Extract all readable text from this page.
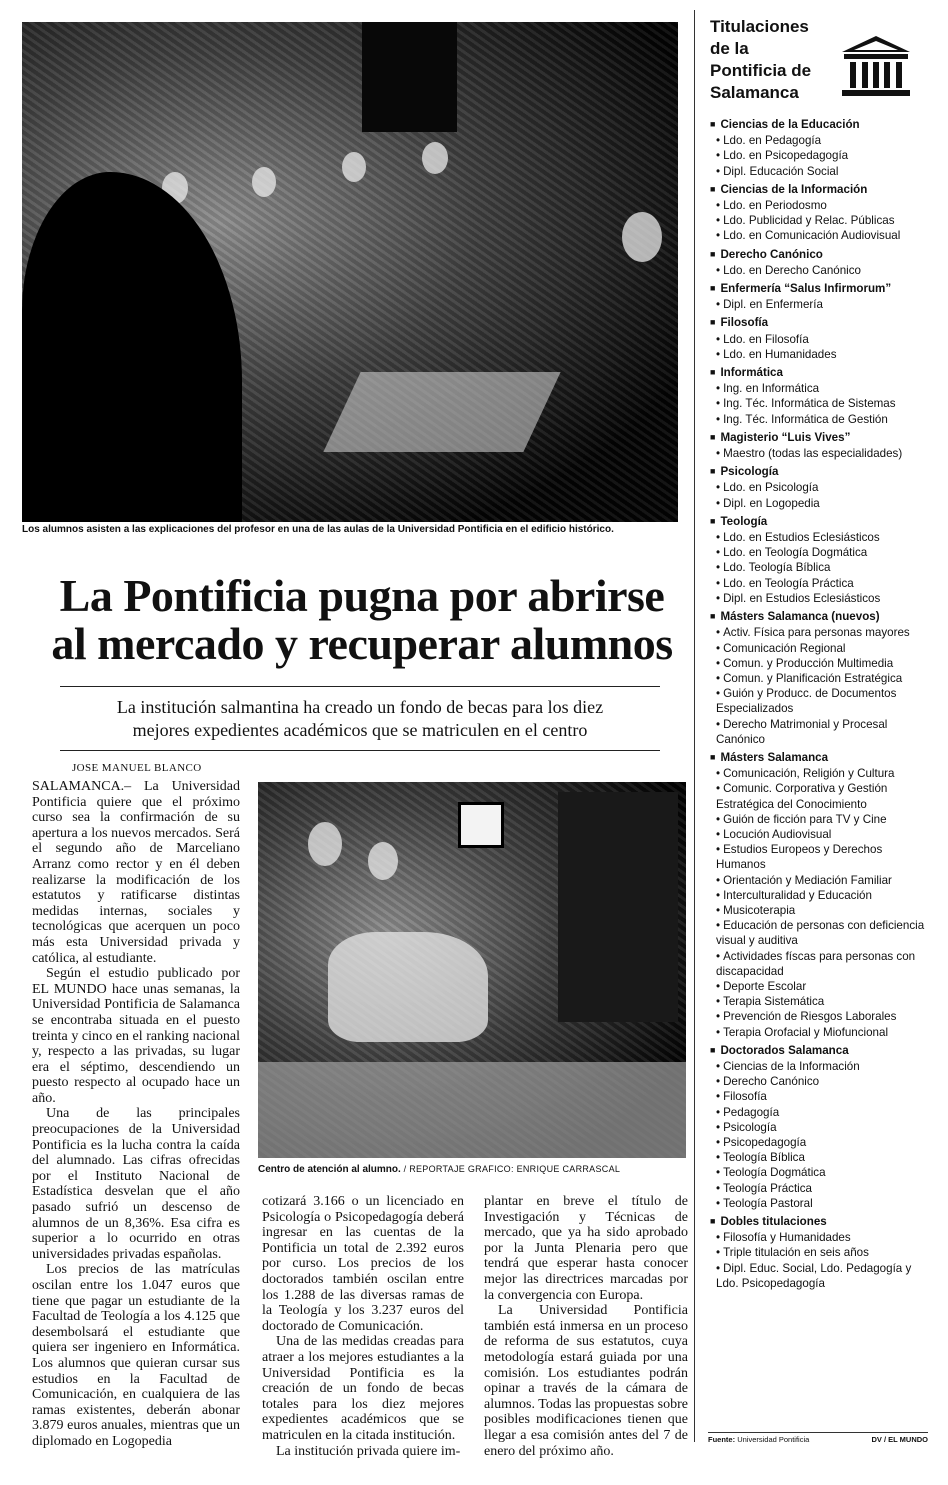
Los alumnos asisten a las explicaciones del profesor en una de las aulas de la Universidad Pontificia en el edificio histórico.
La Pontificia pugna por abrirse
al mercado y recuperar alumnos
La institución salmantina ha creado un fondo de becas para los diez
mejores expedientes académicos que se matriculen en el centro
JOSE MANUEL BLANCO
Centro de atención al alumno. / REPORTAJE GRAFICO: ENRIQUE CARRASCAL

SALAMANCA.– La Universidad Pontificia quiere que el próximo curso sea la confirmación de su apertura a los nuevos mercados. Será el segundo año de Marceliano Arranz como rector y en él deben realizarse la modificación de los estatutos y ratificarse distintas medidas internas, sociales y tecnológicas que acerquen un poco más esta Universidad privada y católica, al estudiante.

Según el estudio publicado por EL MUNDO hace unas semanas, la Universidad Pontificia de Salamanca se encontraba situada en el puesto treinta y cinco en el ranking nacional y, respecto a las privadas, su lugar era el séptimo, descendiendo un puesto respecto al ocupado hace un año.

Una de las principales preocupaciones de la Universidad Pontificia es la lucha contra la caída del alumnado. Las cifras ofrecidas por el Instituto Nacional de Estadística desvelan que el año pasado sufrió un descenso de alumnos de un 8,36%. Esa cifra es superior a lo ocurrido en otras universidades privadas españolas.

Los precios de las matrículas oscilan entre los 1.047 euros que tiene que pagar un estudiante de la Facultad de Teología a los 4.125 que desembolsará el estudiante que quiera ser ingeniero en Informática. Los alumnos que quieran cursar sus estudios en la Facultad de Comunicación, en cualquiera de las ramas existentes, deberán abonar 3.879 euros anuales, mientras que un diplomado en Logopedia

cotizará 3.166 o un licenciado en Psicología o Psicopedagogía deberá ingresar en las cuentas de la Pontificia un total de 2.392 euros por curso. Los precios de los doctorados también oscilan entre los 1.288 de las diversas ramas de la Teología y los 3.237 euros del doctorado de Comunicación.

Una de las medidas creadas para atraer a los mejores estudiantes a la Universidad Pontificia es la creación de un fondo de becas totales para los diez mejores expedientes académicos que se matriculen en la citada institución.

La institución privada quiere im-

plantar en breve el título de Investigación y Técnicas de mercado, que ya ha sido aprobado por la Junta Plenaria pero que tendrá que esperar hasta conocer mejor las directrices marcadas por la convergencia con Europa.

La Universidad Pontificia también está inmersa en un proceso de reforma de sus estatutos, cuya metodología estará guiada por una comisión. Los estudiantes podrán opinar a través de la cámara de alumnos. Todas las propuestas sobre posibles modificaciones tienen que llegar a esa comisión antes del 7 de enero del próximo año.

Titulaciones
de la
Pontificia de
Salamanca
■ Ciencias de la Educación
• Ldo. en Pedagogía
• Ldo. en Psicopedagogía
• Dipl. Educación Social
■ Ciencias de la Información
• Ldo. en Periodosmo
• Ldo. Publicidad y Relac. Públicas
• Ldo. en Comunicación Audiovisual
■ Derecho Canónico
• Ldo. en Derecho Canónico
■ Enfermería “Salus Infirmorum”
• Dipl. en Enfermería
■ Filosofía
• Ldo. en Filosofía
• Ldo. en Humanidades
■ Informática
• Ing. en Informática
• Ing. Téc. Informática de Sistemas
• Ing. Téc. Informática de Gestión
■ Magisterio “Luis Vives”
• Maestro (todas las especialidades)
■ Psicología
• Ldo. en Psicología
• Dipl. en Logopedia
■ Teología
• Ldo. en Estudios Eclesiásticos
• Ldo. en Teología Dogmática
• Ldo. Teología Bíblica
• Ldo. en Teología Práctica
• Dipl. en Estudios Eclesiásticos
■ Másters Salamanca (nuevos)
• Activ. Física para personas mayores
• Comunicación Regional
• Comun. y Producción Multimedia
• Comun. y Planificación Estratégica
• Guión y Producc. de Documentos Especializados
• Derecho Matrimonial y Procesal Canónico
■ Másters Salamanca
• Comunicación, Religión y Cultura
• Comunic. Corporativa y Gestión Estratégica del Conocimiento
• Guión de ficción para TV y Cine
• Locución Audiovisual
• Estudios Europeos y Derechos Humanos
• Orientación y Mediación Familiar
• Interculturalidad y Educación
• Musicoterapia
• Educación de personas con deficiencia visual y auditiva
• Actividades físcas para personas con discapacidad
• Deporte Escolar
• Terapia Sistemática
• Prevención de Riesgos Laborales
• Terapia Orofacial y Miofuncional
■ Doctorados Salamanca
• Ciencias de la Información
• Derecho Canónico
• Filosofía
• Pedagogía
• Psicología
• Psicopedagogía
• Teología Bíblica
• Teología Dogmática
• Teología Práctica
• Teología Pastoral
■ Dobles titulaciones
• Filosofía y Humanidades
• Triple titulación en seis años
• Dipl. Educ. Social, Ldo. Pedagogía y Ldo. Psicopedagogía
Fuente: Universidad Pontificia	DV / EL MUNDO
